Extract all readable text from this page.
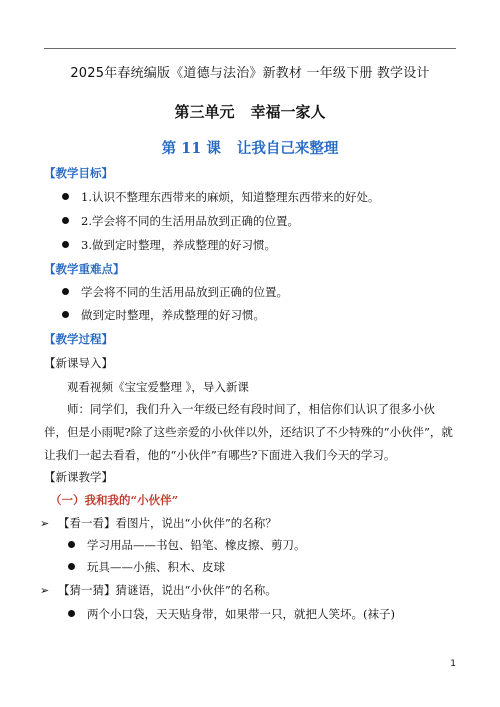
2025年春统编版《道德与法治》新教材 一年级下册 教学设计
第三单元 幸福一家人
第 11 课 让我自己来整理
【教学目标】
1.认识不整理东西带来的麻烦，知道整理东西带来的好处。
2.学会将不同的生活用品放到正确的位置。
3.做到定时整理，养成整理的好习惯。
【教学重难点】
学会将不同的生活用品放到正确的位置。
做到定时整理，养成整理的好习惯。
【教学过程】
【新课导入】
观看视频《宝宝爱整理 》，导入新课
师：同学们，我们升入一年级已经有段时间了，相信你们认识了很多小伙伴，但是小雨呢?除了这些亲爱的小伙伴以外，还结识了不少特殊的“小伙伴”，就让我们一起去看看，他的“小伙伴”有哪些?下面进入我们今天的学习。
【新课教学】
（一）我和我的“小伙伴”
➢ 【看一看】看图片，说出“小伙伴”的名称？
学习用品——书包、铅笔、橡皮擦、剪刀。
玩具——小熊、积木、皮球
➢ 【猜一猜】猜谜语，说出“小伙伴”的名称。
两个小口袋，天天贴身带，如果带一只，就把人笑坏。(袜子)
1
